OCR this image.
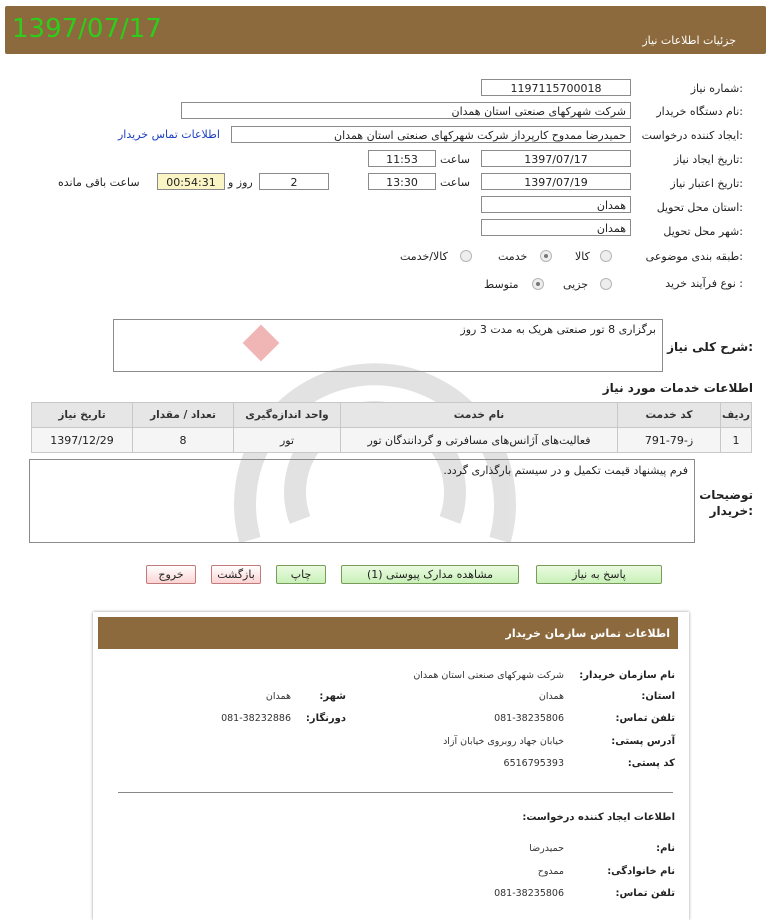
جزئیات اطلاعات نیاز
1397/07/17
شماره نیاز:
1197115700018
نام دستگاه خریدار:
شرکت شهرکهای صنعتی استان همدان
ایجاد کننده درخواست:
حمیدرضا ممدوح کارپرداز شرکت شهرکهای صنعتی استان همدان
اطلاعات تماس خریدار
تاریخ ایجاد نیاز:
1397/07/17
ساعت
11:53
تاریخ اعتبار نیاز:
1397/07/19
ساعت
13:30
2
روز و
00:54:31
ساعت باقی مانده
استان محل تحویل:
همدان
شهر محل تحویل:
همدان
طبقه بندی موضوعی:
کالا
خدمت
کالا/خدمت
نوع فرآیند خرید :
جزیی
متوسط
شرح کلی نیاز:
برگزاری 8 تور صنعتی هریک به مدت 3 روز
اطلاعات خدمات مورد نیاز
ردیف	کد خدمت	نام خدمت	واحد اندازه‌گیری	تعداد / مقدار	تاریخ نیاز
1	ز-79-791	فعالیت‌های آژانس‌های مسافرتی و گردانندگان تور	تور	8	1397/12/29
فرم پیشنهاد قیمت تکمیل و در سیستم بارگذاری گردد.
توضیحات
خریدار:
پاسخ به نیاز
مشاهده مدارک پیوستی (1)
چاپ
بازگشت
خروج
اطلاعات تماس سازمان خریدار
نام سازمان خریدار:
شرکت شهرکهای صنعتی استان همدان
استان:
همدان
شهر:
همدان
تلفن تماس:
081-38235806
دورنگار:
081-38232886
آدرس پستی:
خیابان جهاد روبروی خیابان آزاد
کد پستی:
6516795393
اطلاعات ایجاد کننده درخواست:
نام:
حمیدرضا
نام خانوادگی:
ممدوح
تلفن تماس:
081-38235806
